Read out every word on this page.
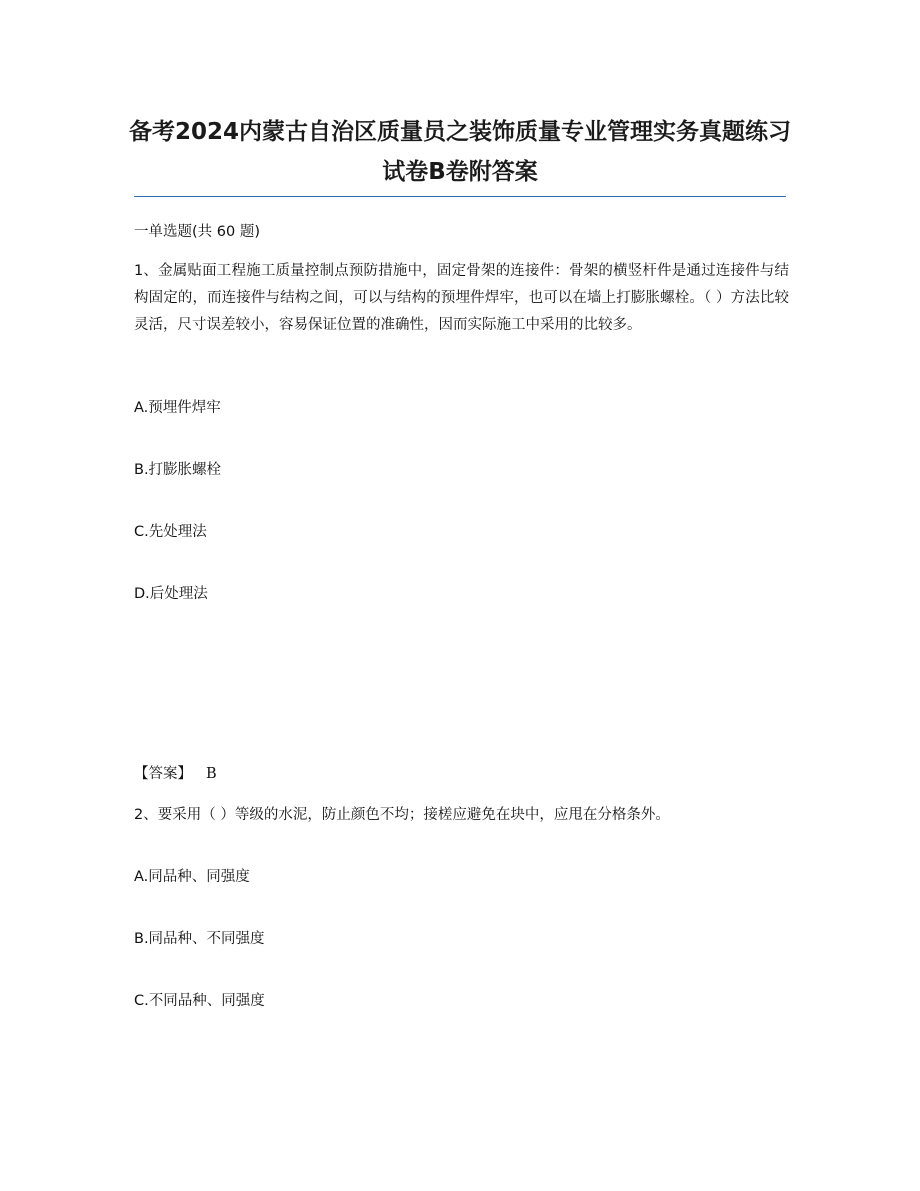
备考2024内蒙古自治区质量员之装饰质量专业管理实务真题练习试卷B卷附答案
一单选题(共 60 题)
1、金属贴面工程施工质量控制点预防措施中，固定骨架的连接件：骨架的横竖杆件是通过连接件与结构固定的，而连接件与结构之间，可以与结构的预埋件焊牢，也可以在墙上打膨胀螺栓。（ ）方法比较灵活，尺寸误差较小，容易保证位置的准确性，因而实际施工中采用的比较多。
A.预埋件焊牢
B.打膨胀螺栓
C.先处理法
D.后处理法
【答案】 B
2、要采用（ ）等级的水泥，防止颜色不均；接槎应避免在块中，应甩在分格条外。
A.同品种、同强度
B.同品种、不同强度
C.不同品种、同强度
